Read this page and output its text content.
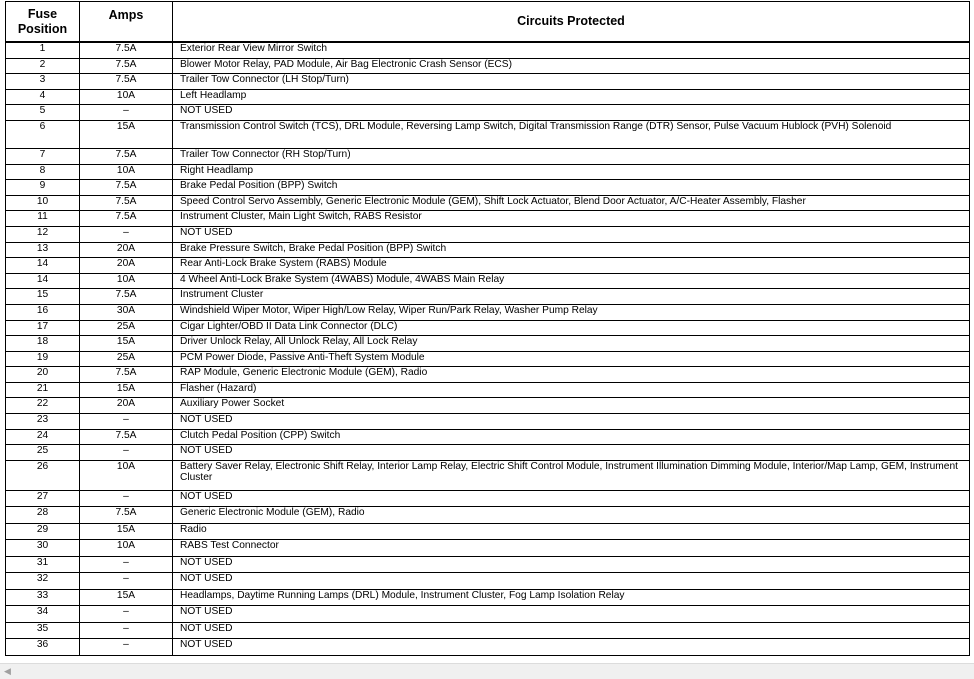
Fuse Position	Amps	Circuits Protected
1	7.5A	Exterior Rear View Mirror Switch
2	7.5A	Blower Motor Relay, PAD Module, Air Bag Electronic Crash Sensor (ECS)
3	7.5A	Trailer Tow Connector (LH Stop/Turn)
4	10A	Left Headlamp
5	–	NOT USED
6	15A	Transmission Control Switch (TCS), DRL Module, Reversing Lamp Switch, Digital Transmission Range (DTR) Sensor, Pulse Vacuum Hublock (PVH) Solenoid
7	7.5A	Trailer Tow Connector (RH Stop/Turn)
8	10A	Right Headlamp
9	7.5A	Brake Pedal Position (BPP) Switch
10	7.5A	Speed Control Servo Assembly, Generic Electronic Module (GEM), Shift Lock Actuator, Blend Door Actuator, A/C-Heater Assembly, Flasher
11	7.5A	Instrument Cluster, Main Light Switch, RABS Resistor
12	–	NOT USED
13	20A	Brake Pressure Switch, Brake Pedal Position (BPP) Switch
14	20A	Rear Anti-Lock Brake System (RABS) Module
14	10A	4 Wheel Anti-Lock Brake System (4WABS) Module, 4WABS Main Relay
15	7.5A	Instrument Cluster
16	30A	Windshield Wiper Motor, Wiper High/Low Relay, Wiper Run/Park Relay, Washer Pump Relay
17	25A	Cigar Lighter/OBD II Data Link Connector (DLC)
18	15A	Driver Unlock Relay, All Unlock Relay, All Lock Relay
19	25A	PCM Power Diode, Passive Anti-Theft System Module
20	7.5A	RAP Module, Generic Electronic Module (GEM), Radio
21	15A	Flasher (Hazard)
22	20A	Auxiliary Power Socket
23	–	NOT USED
24	7.5A	Clutch Pedal Position (CPP) Switch
25	–	NOT USED
26	10A	Battery Saver Relay, Electronic Shift Relay, Interior Lamp Relay, Electric Shift Control Module, Instrument Illumination Dimming Module, Interior/Map Lamp, GEM, Instrument Cluster
27	–	NOT USED
28	7.5A	Generic Electronic Module (GEM), Radio
29	15A	Radio
30	10A	RABS Test Connector
31	–	NOT USED
32	–	NOT USED
33	15A	Headlamps, Daytime Running Lamps (DRL) Module, Instrument Cluster, Fog Lamp Isolation Relay
34	–	NOT USED
35	–	NOT USED
36	–	NOT USED
◀
